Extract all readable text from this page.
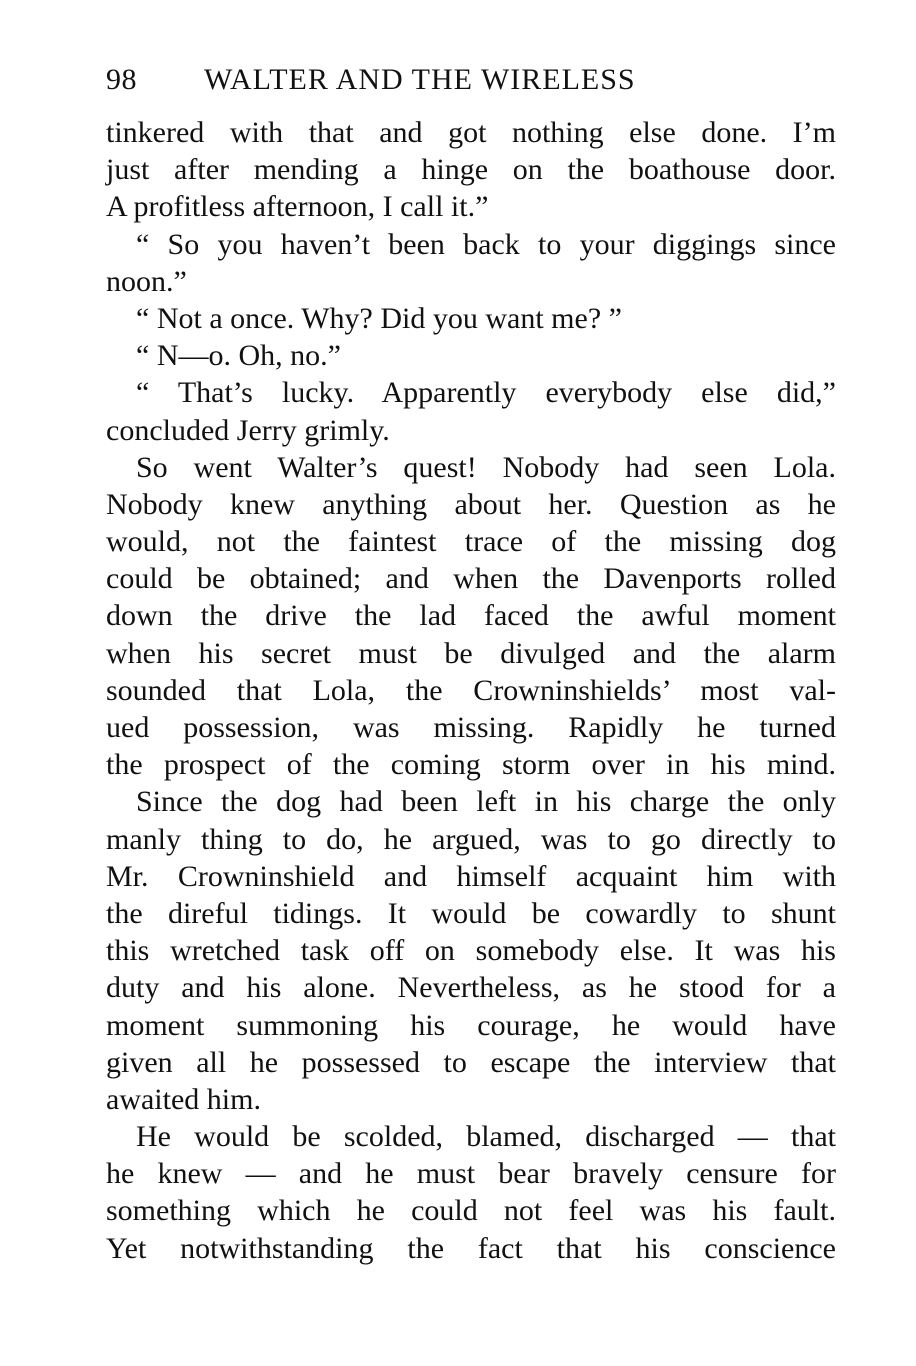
98 WALTER AND THE WIRELESS
tinkered with that and got nothing else done. I’m
just after mending a hinge on the boathouse door.
A profitless afternoon, I call it.”
“ So you haven’t been back to your diggings since
noon.”
“ Not a once. Why? Did you want me? ”
“ N—o. Oh, no.”
“ That’s lucky. Apparently everybody else did,”
concluded Jerry grimly.
So went Walter’s quest! Nobody had seen Lola.
Nobody knew anything about her. Question as he
would, not the faintest trace of the missing dog
could be obtained; and when the Davenports rolled
down the drive the lad faced the awful moment
when his secret must be divulged and the alarm
sounded that Lola, the Crowninshields’ most val-
ued possession, was missing. Rapidly he turned
the prospect of the coming storm over in his mind.
Since the dog had been left in his charge the only
manly thing to do, he argued, was to go directly to
Mr. Crowninshield and himself acquaint him with
the direful tidings. It would be cowardly to shunt
this wretched task off on somebody else. It was his
duty and his alone. Nevertheless, as he stood for a
moment summoning his courage, he would have
given all he possessed to escape the interview that
awaited him.
He would be scolded, blamed, discharged — that
he knew — and he must bear bravely censure for
something which he could not feel was his fault.
Yet notwithstanding the fact that his conscience
